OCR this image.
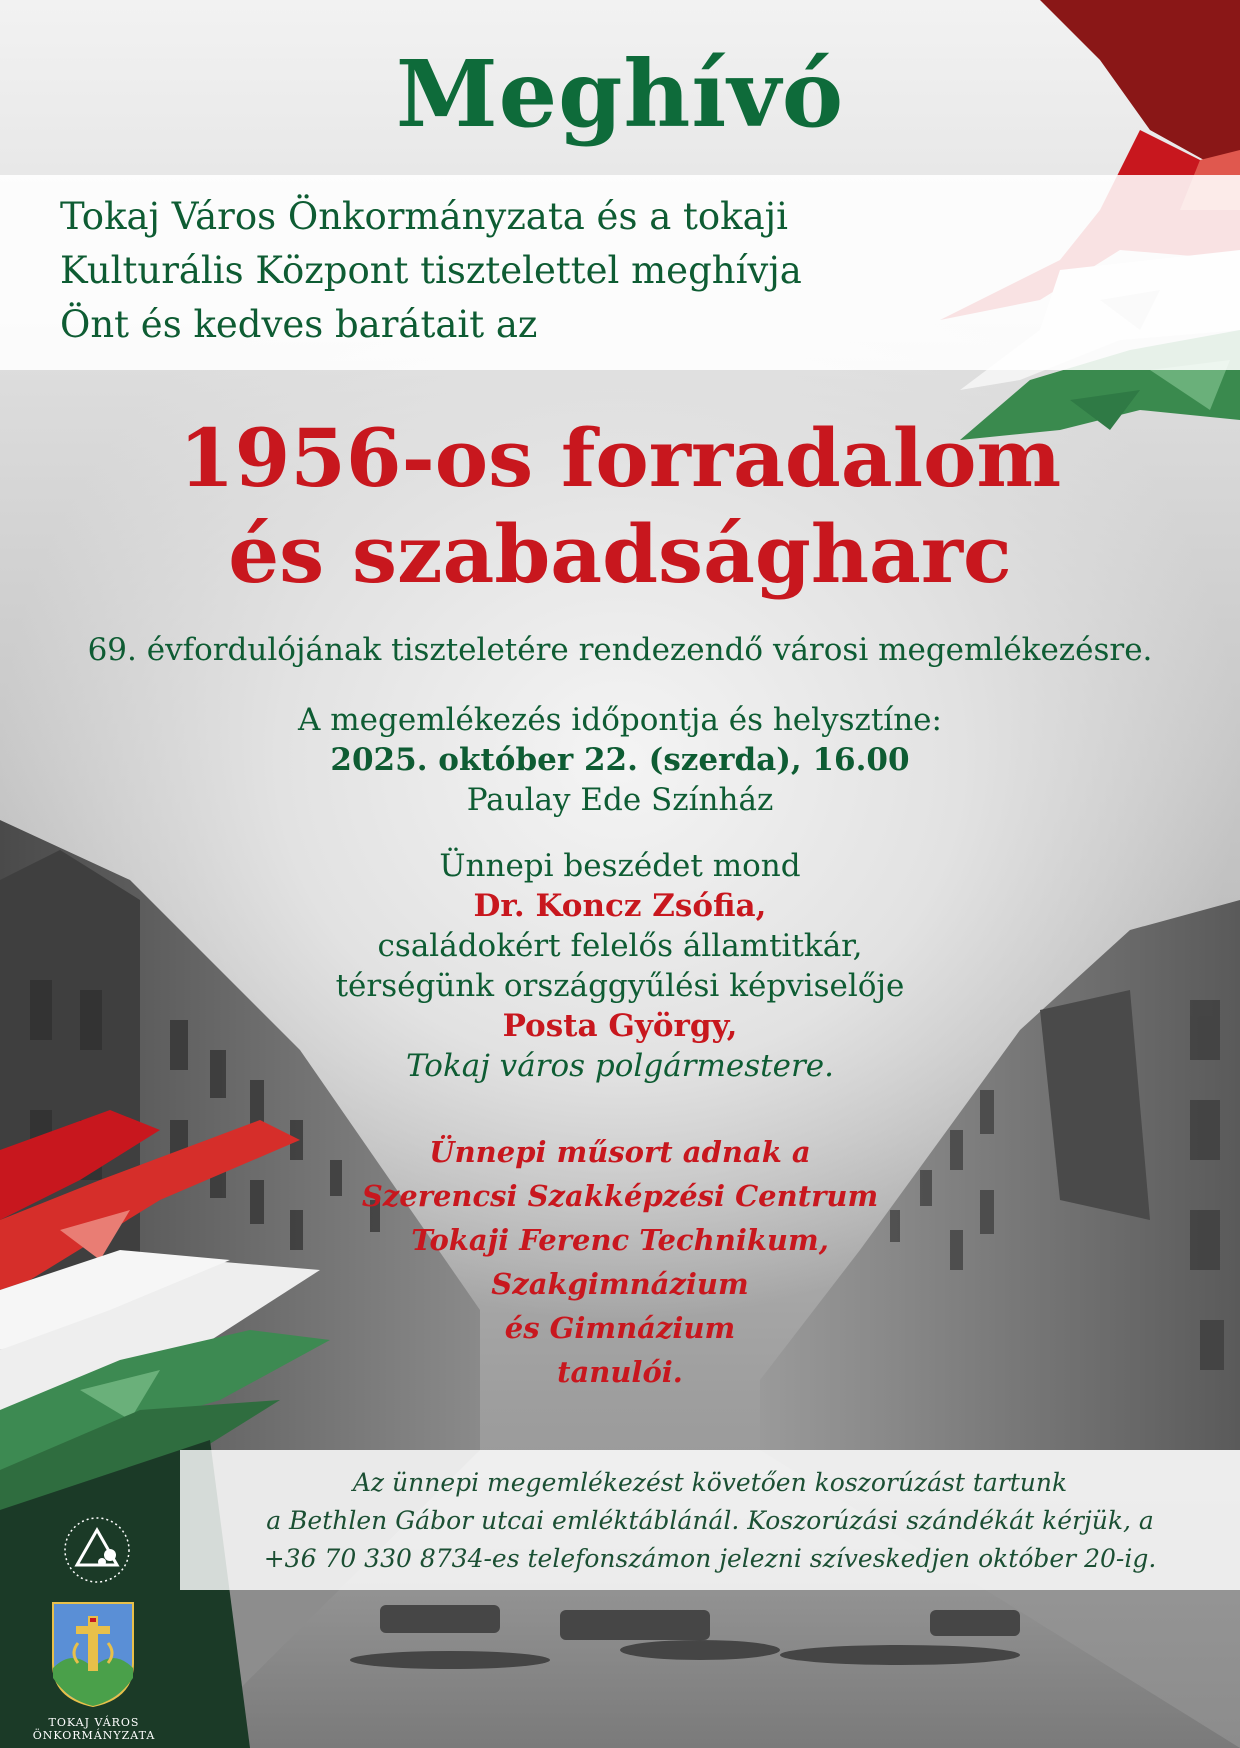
Meghívó
Tokaj Város Önkormányzata és a tokaji
Kulturális Központ tisztelettel meghívja
Önt és kedves barátait az
1956-os forradalom
és szabadságharc
69. évfordulójának tiszteletére rendezendő városi megemlékezésre.
A megemlékezés időpontja és helysztíne:
2025. október 22. (szerda), 16.00
Paulay Ede Színház
Ünnepi beszédet mond
Dr. Koncz Zsófia,
családokért felelős államtitkár,
térségünk országgyűlési képviselője
Posta György,
Tokaj város polgármestere.
Ünnepi műsort adnak a
Szerencsi Szakképzési Centrum
Tokaji Ferenc Technikum,
Szakgimnázium
és Gimnázium
tanulói.
Az ünnepi megemlékezést követően koszorúzást tartunk
a Bethlen Gábor utcai emléktáblánál. Koszorúzási szándékát kérjük, a
+36 70 330 8734-es telefonszámon jelezni szíveskedjen október 20-ig.
TOKAJ VÁROS
ÖNKORMÁNYZATA
